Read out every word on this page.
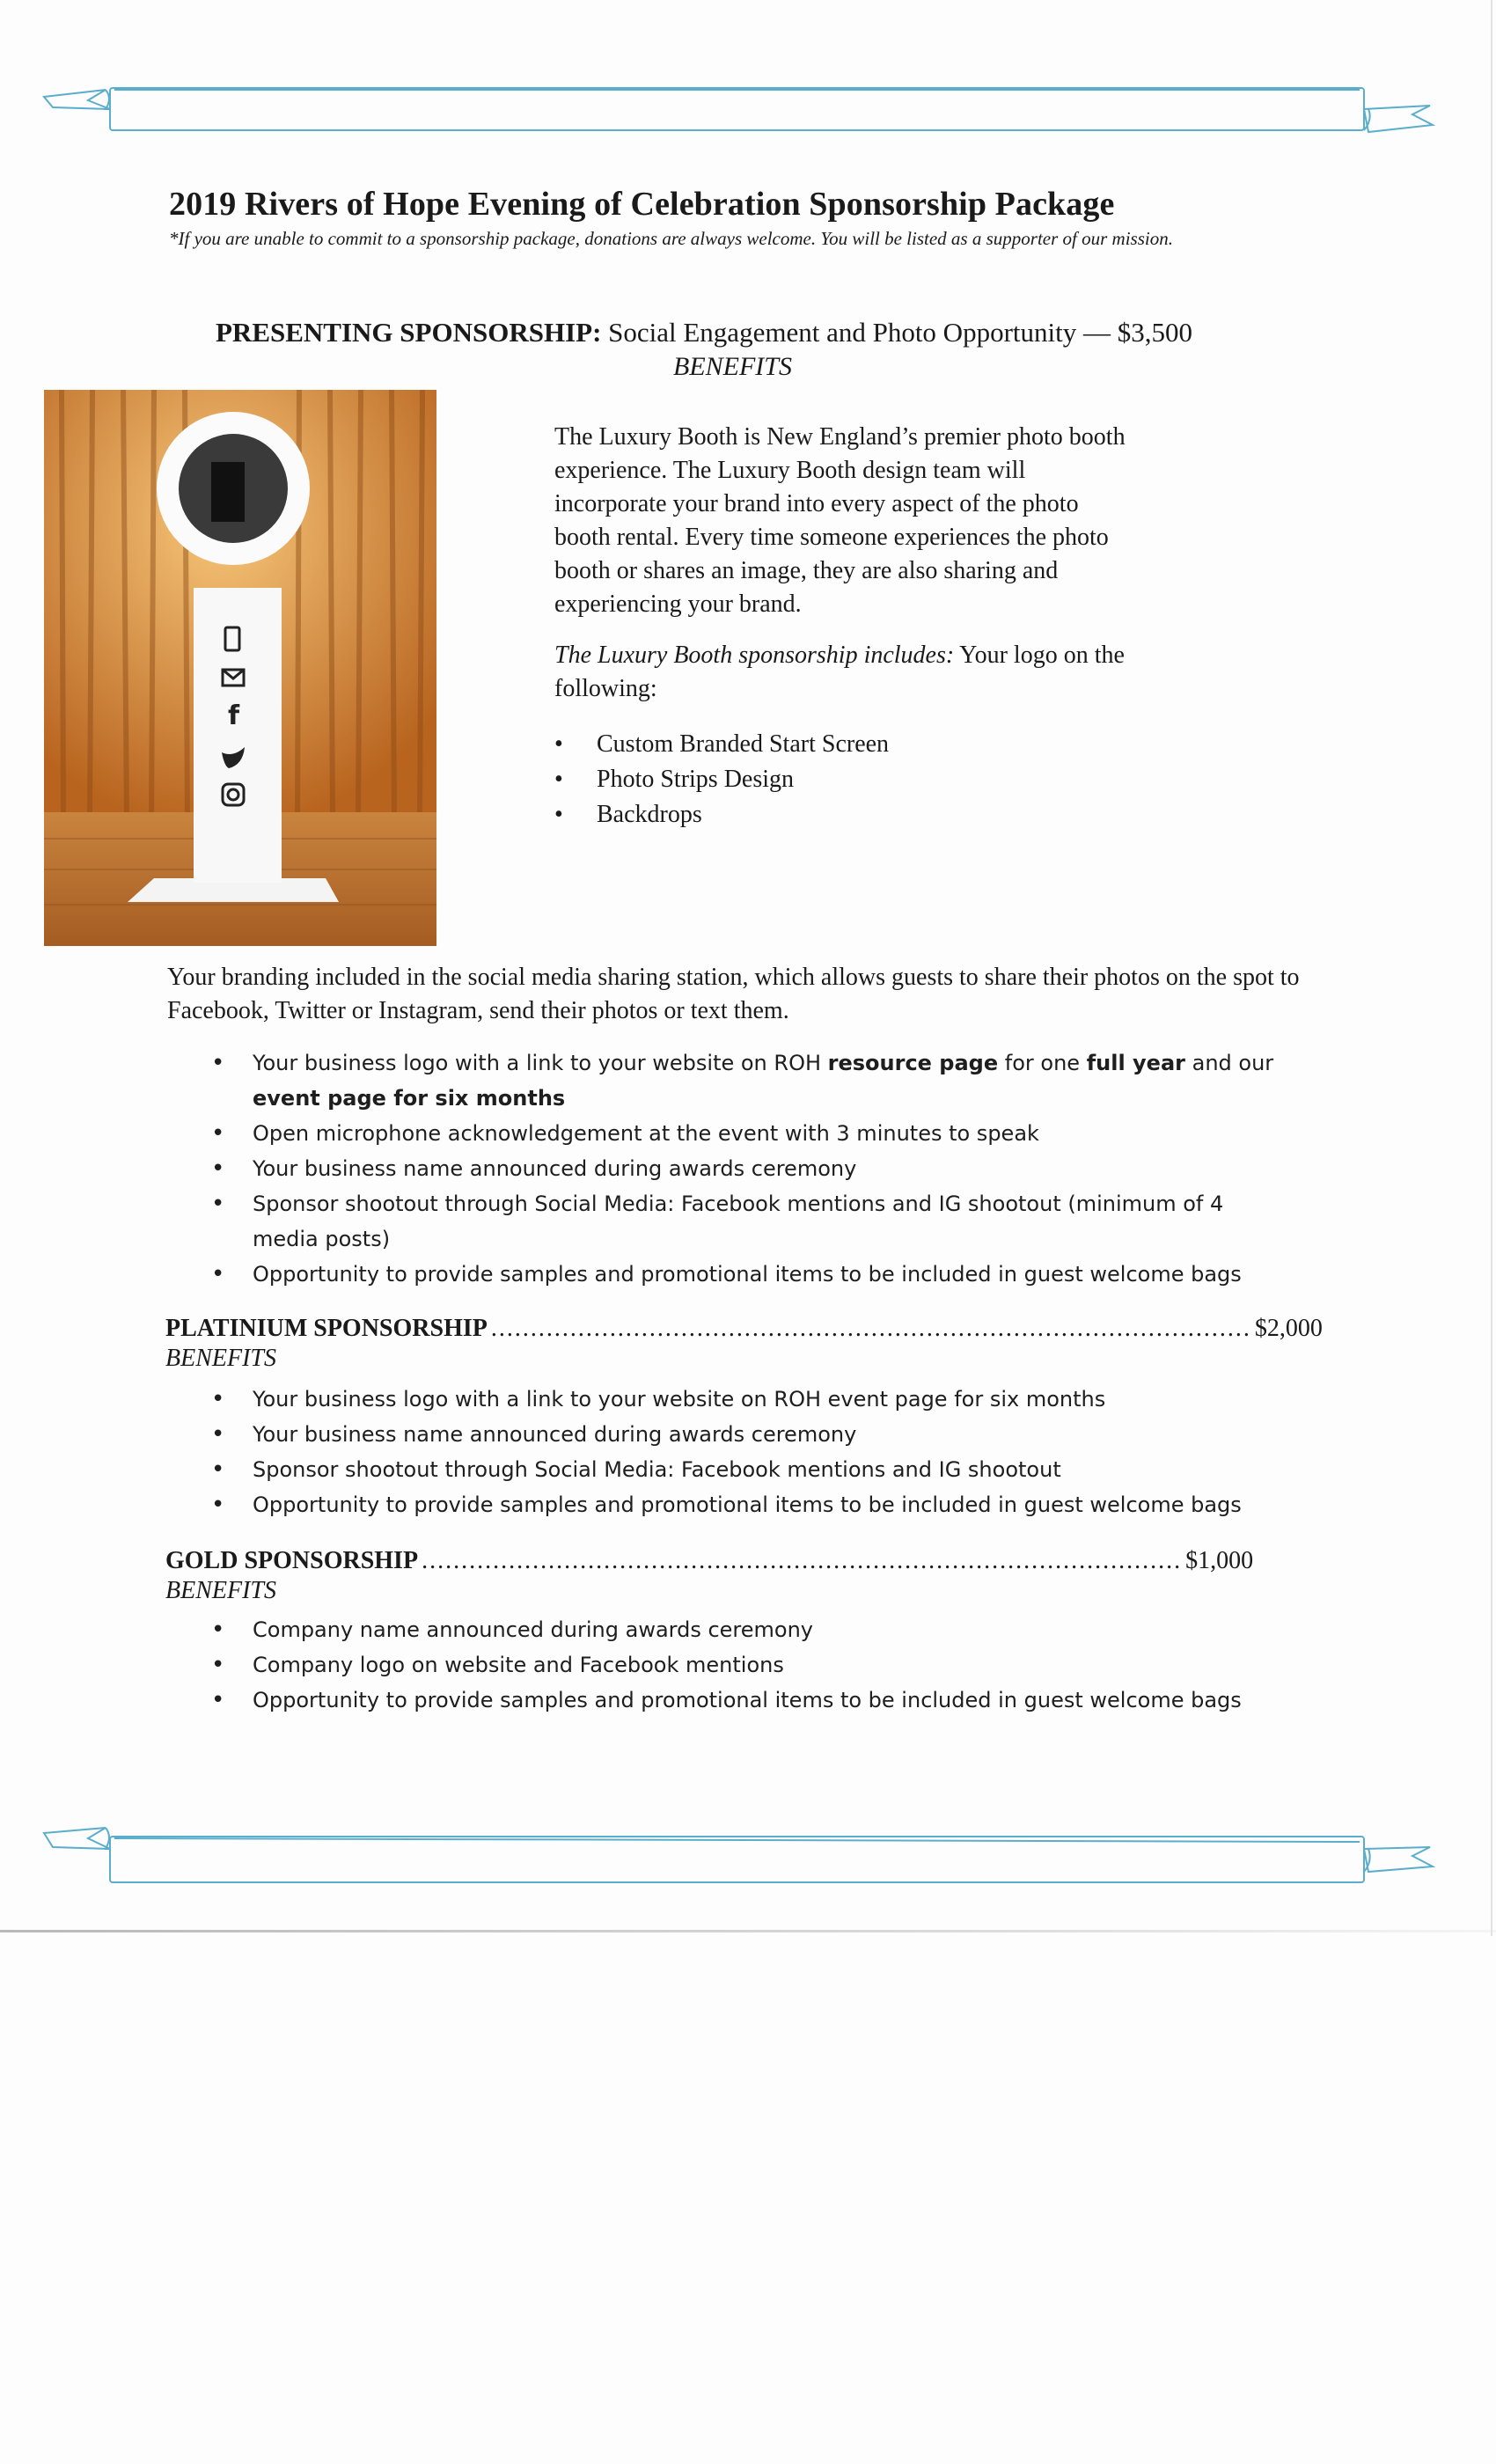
2019 Rivers of Hope Evening of Celebration Sponsorship Package
*If you are unable to commit to a sponsorship package, donations are always welcome. You will be listed as a supporter of our mission.
PRESENTING SPONSORSHIP: Social Engagement and Photo Opportunity — $3,500
BENEFITS
f
The Luxury Booth is New England’s premier photo booth experience. The Luxury Booth design team will incorporate your brand into every aspect of the photo booth rental. Every time someone experiences the photo booth or shares an image, they are also sharing and experiencing your brand.
The Luxury Booth sponsorship includes: Your logo on the following:
• Custom Branded Start Screen
• Photo Strips Design
• Backdrops
Your branding included in the social media sharing station, which allows guests to share their photos on the spot to Facebook, Twitter or Instagram, send their photos or text them.
• Your business logo with a link to your website on ROH resource page for one full year and our event page for six months
• Open microphone acknowledgement at the event with 3 minutes to speak
• Your business name announced during awards ceremony
• Sponsor shootout through Social Media: Facebook mentions and IG shootout (minimum of 4 media posts)
• Opportunity to provide samples and promotional items to be included in guest welcome bags
PLATINIUM SPONSORSHIP ................................................................................................ $2,000
BENEFITS
• Your business logo with a link to your website on ROH event page for six months
• Your business name announced during awards ceremony
• Sponsor shootout through Social Media: Facebook mentions and IG shootout
• Opportunity to provide samples and promotional items to be included in guest welcome bags
GOLD SPONSORSHIP ................................................................................................ $1,000
BENEFITS
• Company name announced during awards ceremony
• Company logo on website and Facebook mentions
• Opportunity to provide samples and promotional items to be included in guest welcome bags
